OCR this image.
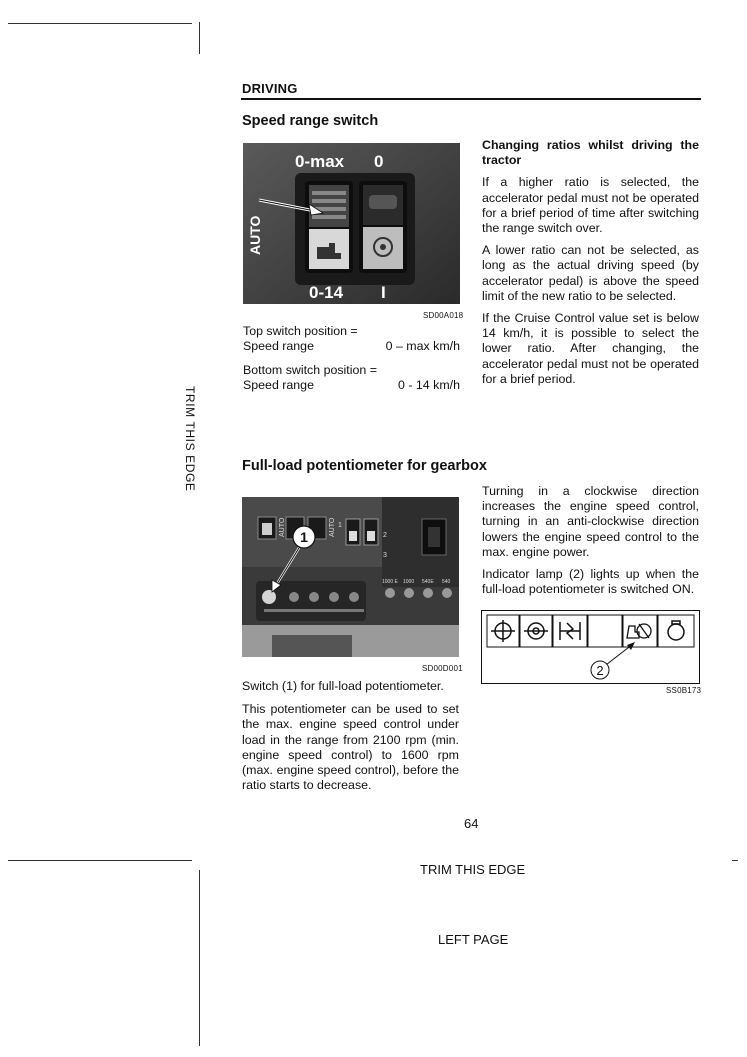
TRIM THIS EDGE
DRIVING
Speed range switch
0-max 0
0-14 I
AUTO
SD00A018
Top switch position =
Speed range	0 – max km/h
Bottom switch position =
Speed range	0 - 14 km/h
Changing ratios whilst driving the tractor

If a higher ratio is selected, the accelerator pedal must not be operated for a brief period of time after switching the range switch over.

A lower ratio can not be selected, as long as the actual driving speed (by accelerator pedal) is above the speed limit of the new ratio to be selected.

If the Cruise Control value set is below 14 km/h, it is possible to select the lower ratio. After changing, the accelerator pedal must not be operated for a brief period.

Full-load potentiometer for gearbox
AUTO	AUTO 1
2
3
1000 E 1000 540E 540
1
SD00D001

Switch (1) for full-load potentiometer.

This potentiometer can be used to set the max. engine speed control under load in the range from 2100 rpm (min. engine speed control) to 1600 rpm (max. engine speed control), before the ratio starts to decrease.

Turning in a clockwise direction increases the engine speed control, turning in an anti-clockwise direction lowers the engine speed control to the max. engine power.

Indicator lamp (2) lights up when the full-load potentiometer is switched ON.

2
SS0B173
64
TRIM THIS EDGE
LEFT PAGE
